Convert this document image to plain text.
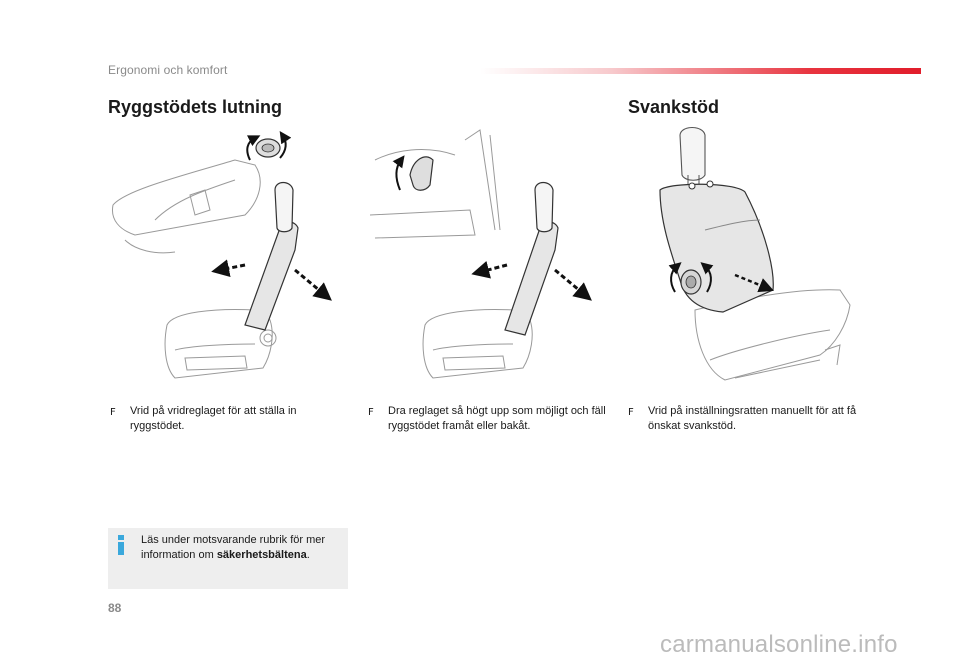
Ergonomi och komfort
Ryggstödets lutning	Svankstöd
F Vrid på vridreglaget för att ställa in ryggstödet.
F Dra reglaget så högt upp som möjligt och fäll ryggstödet framåt eller bakåt.
F Vrid på inställningsratten manuellt för att få önskat svankstöd.
Läs under motsvarande rubrik för mer information om säkerhetsbältena.
88
carmanualsonline.info
